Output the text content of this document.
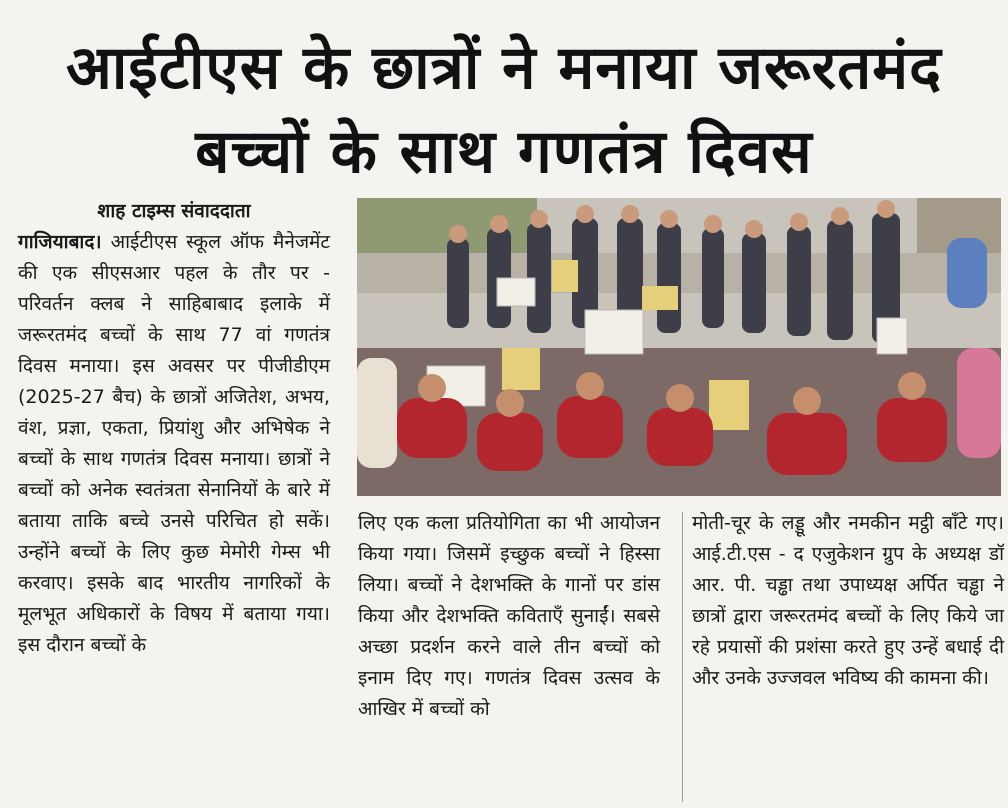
आईटीएस के छात्रों ने मनाया जरूरतमंद
बच्चों के साथ गणतंत्र दिवस
शाह टाइम्स संवाददाता
गाजियाबाद। आईटीएस स्कूल ऑफ मैनेजमेंट की एक सीएसआर पहल के तौर पर - परिवर्तन क्लब ने साहिबाबाद इलाके में जरूरतमंद बच्चों के साथ 77 वां गणतंत्र दिवस मनाया। इस अवसर पर पीजीडीएम (2025-27 बैच) के छात्रों अजितेश, अभय, वंश, प्रज्ञा, एकता, प्रियांशु और अभिषेक ने बच्चों के साथ गणतंत्र दिवस मनाया। छात्रों ने बच्चों को अनेक स्वतंत्रता सेनानियों के बारे में बताया ताकि बच्चे उनसे परिचित हो सकें। उन्होंने बच्चों के लिए कुछ मेमोरी गेम्स भी करवाए। इसके बाद भारतीय नागरिकों के मूलभूत अधिकारों के विषय में बताया गया। इस दौरान बच्चों के
लिए एक कला प्रतियोगिता का भी आयोजन किया गया। जिसमें इच्छुक बच्चों ने हिस्सा लिया। बच्चों ने देशभक्ति के गानों पर डांस किया और देशभक्ति कविताएँ सुनाईं। सबसे अच्छा प्रदर्शन करने वाले तीन बच्चों को इनाम दिए गए। गणतंत्र दिवस उत्सव के आखिर में बच्चों को
मोती-चूर के लड्डू और नमकीन मट्ठी बाँटे गए। आई.टी.एस - द एजुकेशन ग्रुप के अध्यक्ष डॉ आर. पी. चड्ढा तथा उपाध्यक्ष अर्पित चड्ढा ने छात्रों द्वारा जरूरतमंद बच्चों के लिए किये जा रहे प्रयासों की प्रशंसा करते हुए उन्हें बधाई दी और उनके उज्जवल भविष्य की कामना की।
